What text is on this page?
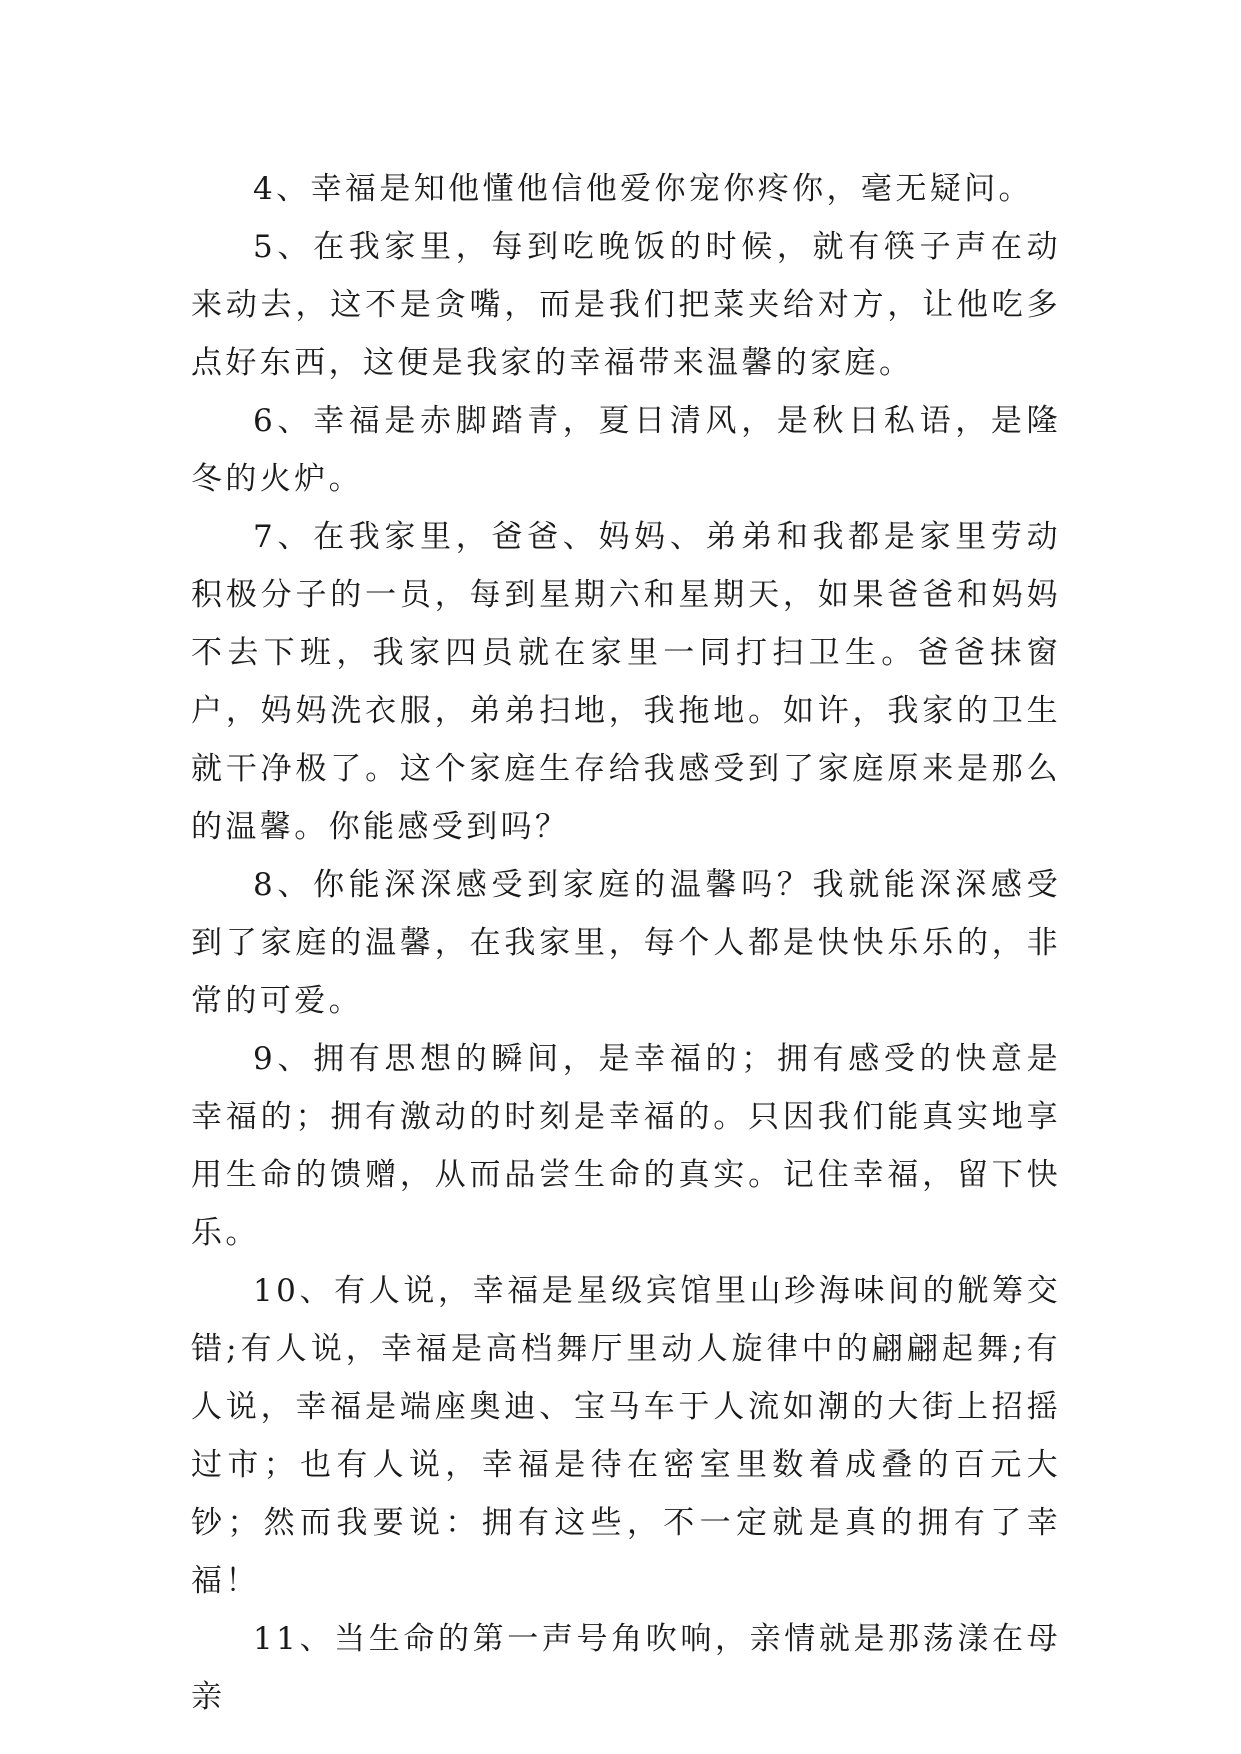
4、幸福是知他懂他信他爱你宠你疼你，毫无疑问。

5、在我家里，每到吃晚饭的时候，就有筷子声在动来动去，这不是贪嘴，而是我们把菜夹给对方，让他吃多点好东西，这便是我家的幸福带来温馨的家庭。

6、幸福是赤脚踏青，夏日清风，是秋日私语，是隆冬的火炉。

7、在我家里，爸爸、妈妈、弟弟和我都是家里劳动积极分子的一员，每到星期六和星期天，如果爸爸和妈妈不去下班，我家四员就在家里一同打扫卫生。爸爸抹窗户，妈妈洗衣服，弟弟扫地，我拖地。如许，我家的卫生就干净极了。这个家庭生存给我感受到了家庭原来是那么的温馨。你能感受到吗？

8、你能深深感受到家庭的温馨吗？我就能深深感受到了家庭的温馨，在我家里，每个人都是快快乐乐的，非常的可爱。

9、拥有思想的瞬间，是幸福的；拥有感受的快意是幸福的；拥有激动的时刻是幸福的。只因我们能真实地享用生命的馈赠，从而品尝生命的真实。记住幸福，留下快乐。

10、有人说，幸福是星级宾馆里山珍海味间的觥筹交错;有人说，幸福是高档舞厅里动人旋律中的翩翩起舞;有人说，幸福是端座奥迪、宝马车于人流如潮的大街上招摇过市；也有人说，幸福是待在密室里数着成叠的百元大钞；然而我要说：拥有这些，不一定就是真的拥有了幸福！

11、当生命的第一声号角吹响，亲情就是那荡漾在母亲
